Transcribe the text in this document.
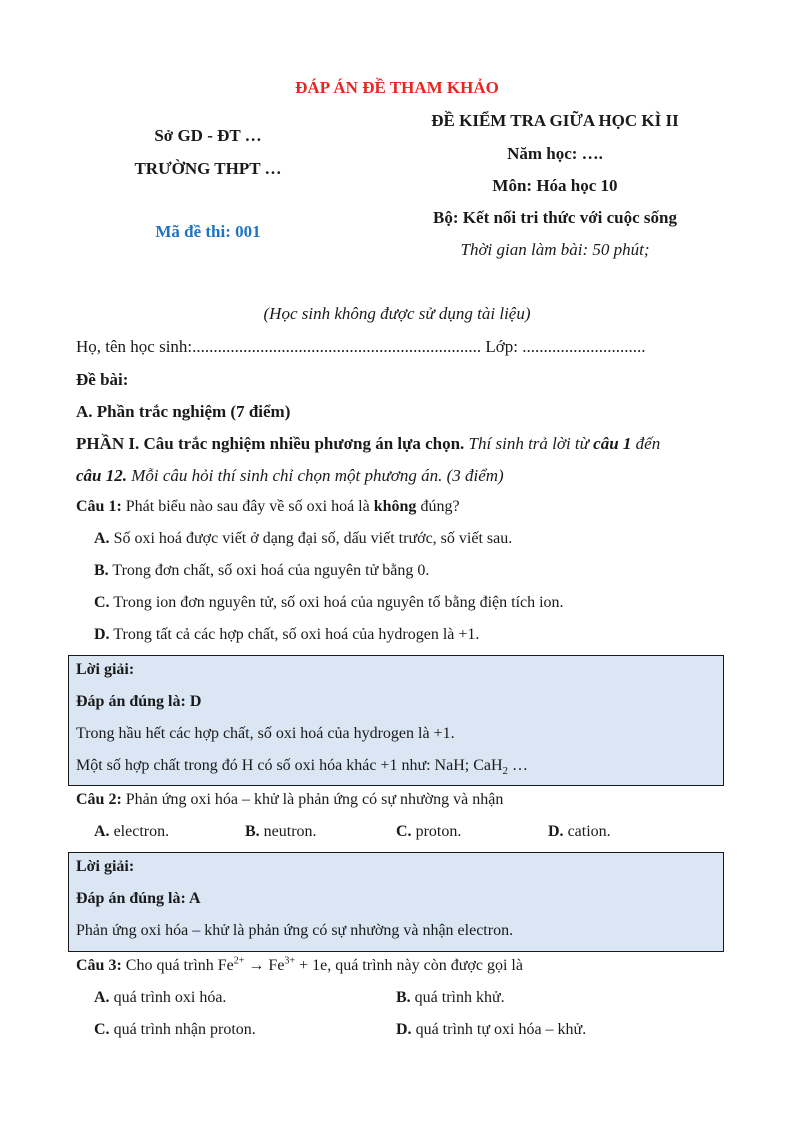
ĐÁP ÁN ĐỀ THAM KHẢO
Sở GD - ĐT …
TRƯỜNG THPT …
Mã đề thi: 001
ĐỀ KIỂM TRA GIỮA HỌC KÌ II
Năm học: ….
Môn: Hóa học 10
Bộ: Kết nối tri thức với cuộc sống
Thời gian làm bài: 50 phút;
(Học sinh không được sử dụng tài liệu)
Họ, tên học sinh:.................................................................... Lớp: .............................
Đề bài:
A. Phần trắc nghiệm (7 điểm)
PHẦN I. Câu trắc nghiệm nhiều phương án lựa chọn. Thí sinh trả lời từ câu 1 đến
câu 12. Mỗi câu hỏi thí sinh chỉ chọn một phương án. (3 điểm)
Câu 1: Phát biểu nào sau đây về số oxi hoá là không đúng?
A. Số oxi hoá được viết ở dạng đại số, dấu viết trước, số viết sau.
B. Trong đơn chất, số oxi hoá của nguyên tử bằng 0.
C. Trong ion đơn nguyên tử, số oxi hoá của nguyên tố bằng điện tích ion.
D. Trong tất cả các hợp chất, số oxi hoá của hydrogen là +1.
Lời giải:
Đáp án đúng là: D
Trong hầu hết các hợp chất, số oxi hoá của hydrogen là +1.
Một số hợp chất trong đó H có số oxi hóa khác +1 như: NaH; CaH$_2$ …
Câu 2: Phản ứng oxi hóa – khử là phản ứng có sự nhường và nhận
A. electron.	B. neutron.	C. proton.	D. cation.
Lời giải:
Đáp án đúng là: A
Phản ứng oxi hóa – khử là phản ứng có sự nhường và nhận electron.
Câu 3: Cho quá trình $Fe^{2+} \to Fe^{3+} + 1e$, quá trình này còn được gọi là
A. quá trình oxi hóa.	B. quá trình khử.
C. quá trình nhận proton.	D. quá trình tự oxi hóa – khử.
